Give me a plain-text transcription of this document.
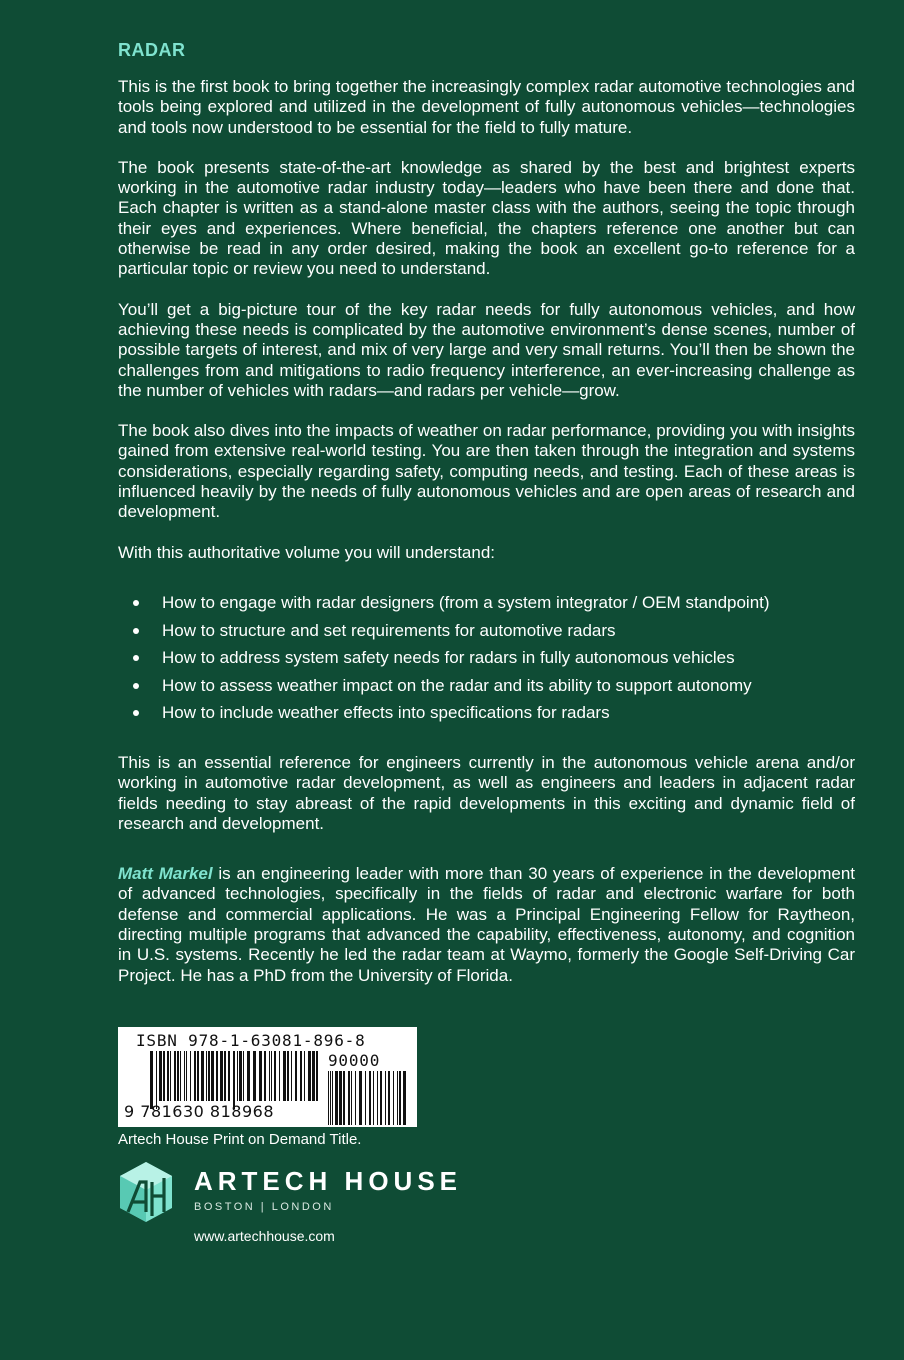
RADAR

This is the first book to bring together the increasingly complex radar automotive technologies and tools being explored and utilized in the development of fully autonomous vehicles—technologies and tools now understood to be essential for the field to fully mature.

The book presents state-of-the-art knowledge as shared by the best and brightest experts working in the automotive radar industry today—leaders who have been there and done that. Each chapter is written as a stand-alone master class with the authors, seeing the topic through their eyes and experiences. Where beneficial, the chapters reference one another but can otherwise be read in any order desired, making the book an excellent go-to reference for a particular topic or review you need to understand.

You’ll get a big-picture tour of the key radar needs for fully autonomous vehicles, and how achieving these needs is complicated by the automotive environment’s dense scenes, number of possible targets of interest, and mix of very large and very small returns. You’ll then be shown the challenges from and mitigations to radio frequency interference, an ever-increasing challenge as the number of vehicles with radars—and radars per vehicle—grow.

The book also dives into the impacts of weather on radar performance, providing you with insights gained from extensive real-world testing. You are then taken through the integration and systems considerations, especially regarding safety, computing needs, and testing. Each of these areas is influenced heavily by the needs of fully autonomous vehicles and are open areas of research and development.

With this authoritative volume you will understand:

How to engage with radar designers (from a system integrator / OEM standpoint)
How to structure and set requirements for automotive radars
How to address system safety needs for radars in fully autonomous vehicles
How to assess weather impact on the radar and its ability to support autonomy
How to include weather effects into specifications for radars

This is an essential reference for engineers currently in the autonomous vehicle arena and/or working in automotive radar development, as well as engineers and leaders in adjacent radar fields needing to stay abreast of the rapid developments in this exciting and dynamic field of research and development.

Matt Markel is an engineering leader with more than 30 years of experience in the development of advanced technologies, specifically in the fields of radar and electronic warfare for both defense and commercial applications. He was a Principal Engineering Fellow for Raytheon, directing multiple programs that advanced the capability, effectiveness, autonomy, and cognition in U.S. systems. Recently he led the radar team at Waymo, formerly the Google Self-Driving Car Project. He has a PhD from the University of Florida.

ISBN 978-1-63081-896-8
90000
9 781630 818968
Artech House Print on Demand Title.
ARTECH HOUSE
BOSTON | LONDON
www.artechhouse.com
